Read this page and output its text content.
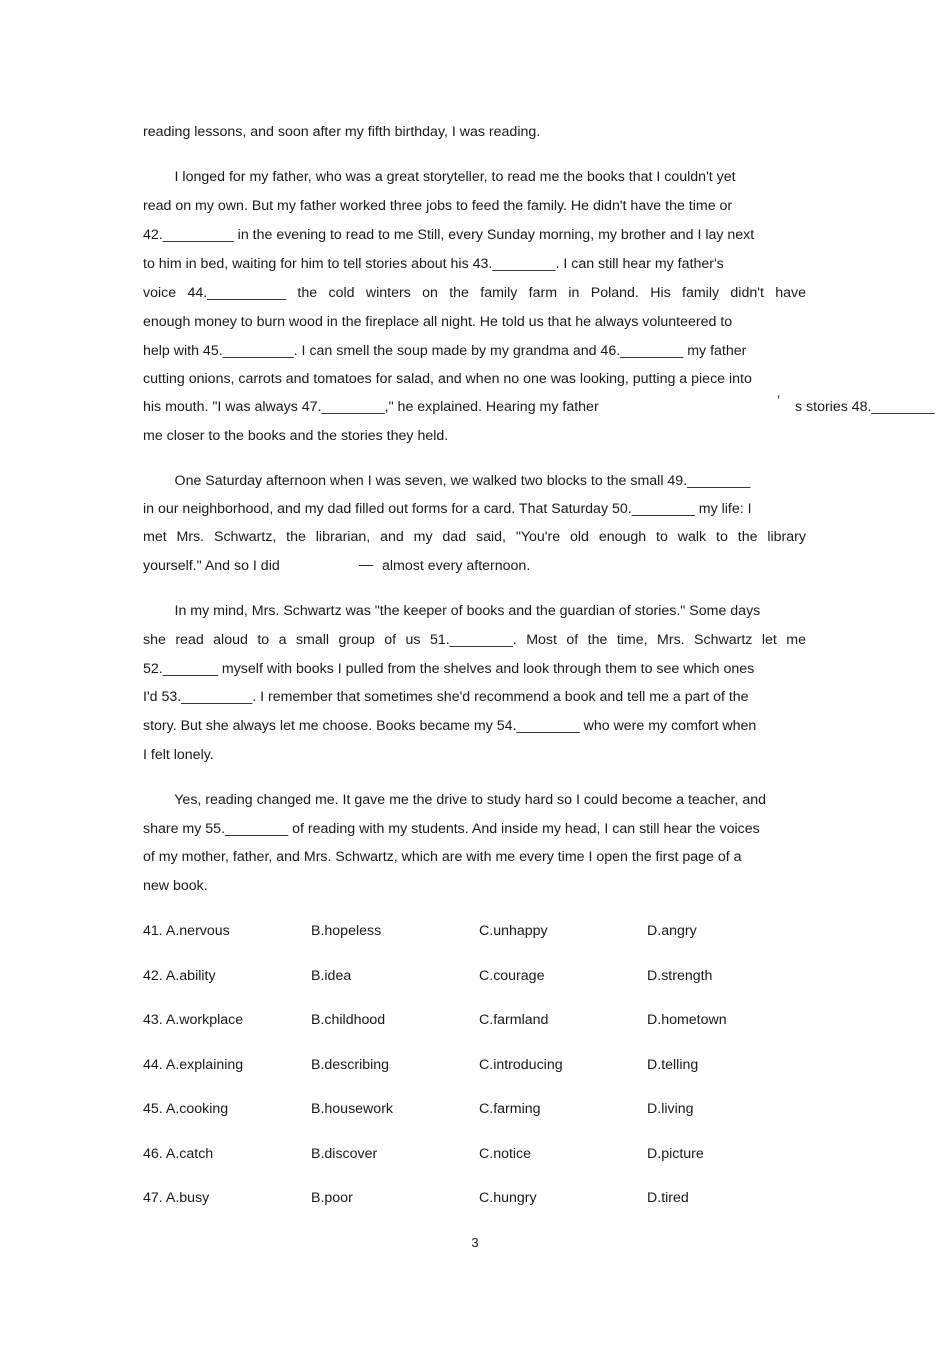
reading lessons, and soon after my fifth birthday, I was reading.
I longed for my father, who was a great storyteller, to read me the books that I couldn't yet
read on my own. But my father worked three jobs to feed the family. He didn't have the time or
42._________ in the evening to read to me Still, every Sunday morning, my brother and I lay next
to him in bed, waiting for him to tell stories about his 43.________. I can still hear my father's
voice 44.__________ the cold winters on the family farm in Poland. His family didn't have
enough money to burn wood in the fireplace all night. He told us that he always volunteered to
help with 45._________. I can smell the soup made by my grandma and 46.________ my father
cutting onions, carrots and tomatoes for salad, and when no one was looking, putting a piece into
his mouth. "I was always 47.________," he explained. Hearing my father	’ s stories 48.________
me closer to the books and the stories they held.
One Saturday afternoon when I was seven, we walked two blocks to the small 49.________
in our neighborhood, and my dad filled out forms for a card. That Saturday 50.________ my life: I
met Mrs. Schwartz, the librarian, and my dad said, "You're old enough to walk to the library
yourself." And so I did	— almost every afternoon.
In my mind, Mrs. Schwartz was "the keeper of books and the guardian of stories." Some days
she read aloud to a small group of us 51.________. Most of the time, Mrs. Schwartz let me
52._______ myself with books I pulled from the shelves and look through them to see which ones
I'd 53._________. I remember that sometimes she'd recommend a book and tell me a part of the
story. But she always let me choose. Books became my 54.________ who were my comfort when
I felt lonely.
Yes, reading changed me. It gave me the drive to study hard so I could become a teacher, and
share my 55.________ of reading with my students. And inside my head, I can still hear the voices
of my mother, father, and Mrs. Schwartz, which are with me every time I open the first page of a
new book.
41. A.nervous	B.hopeless	C.unhappy	D.angry
42. A.ability	B.idea	C.courage	D.strength
43. A.workplace	B.childhood	C.farmland	D.hometown
44. A.explaining	B.describing	C.introducing	D.telling
45. A.cooking	B.housework	C.farming	D.living
46. A.catch	B.discover	C.notice	D.picture
47. A.busy	B.poor	C.hungry	D.tired
3
